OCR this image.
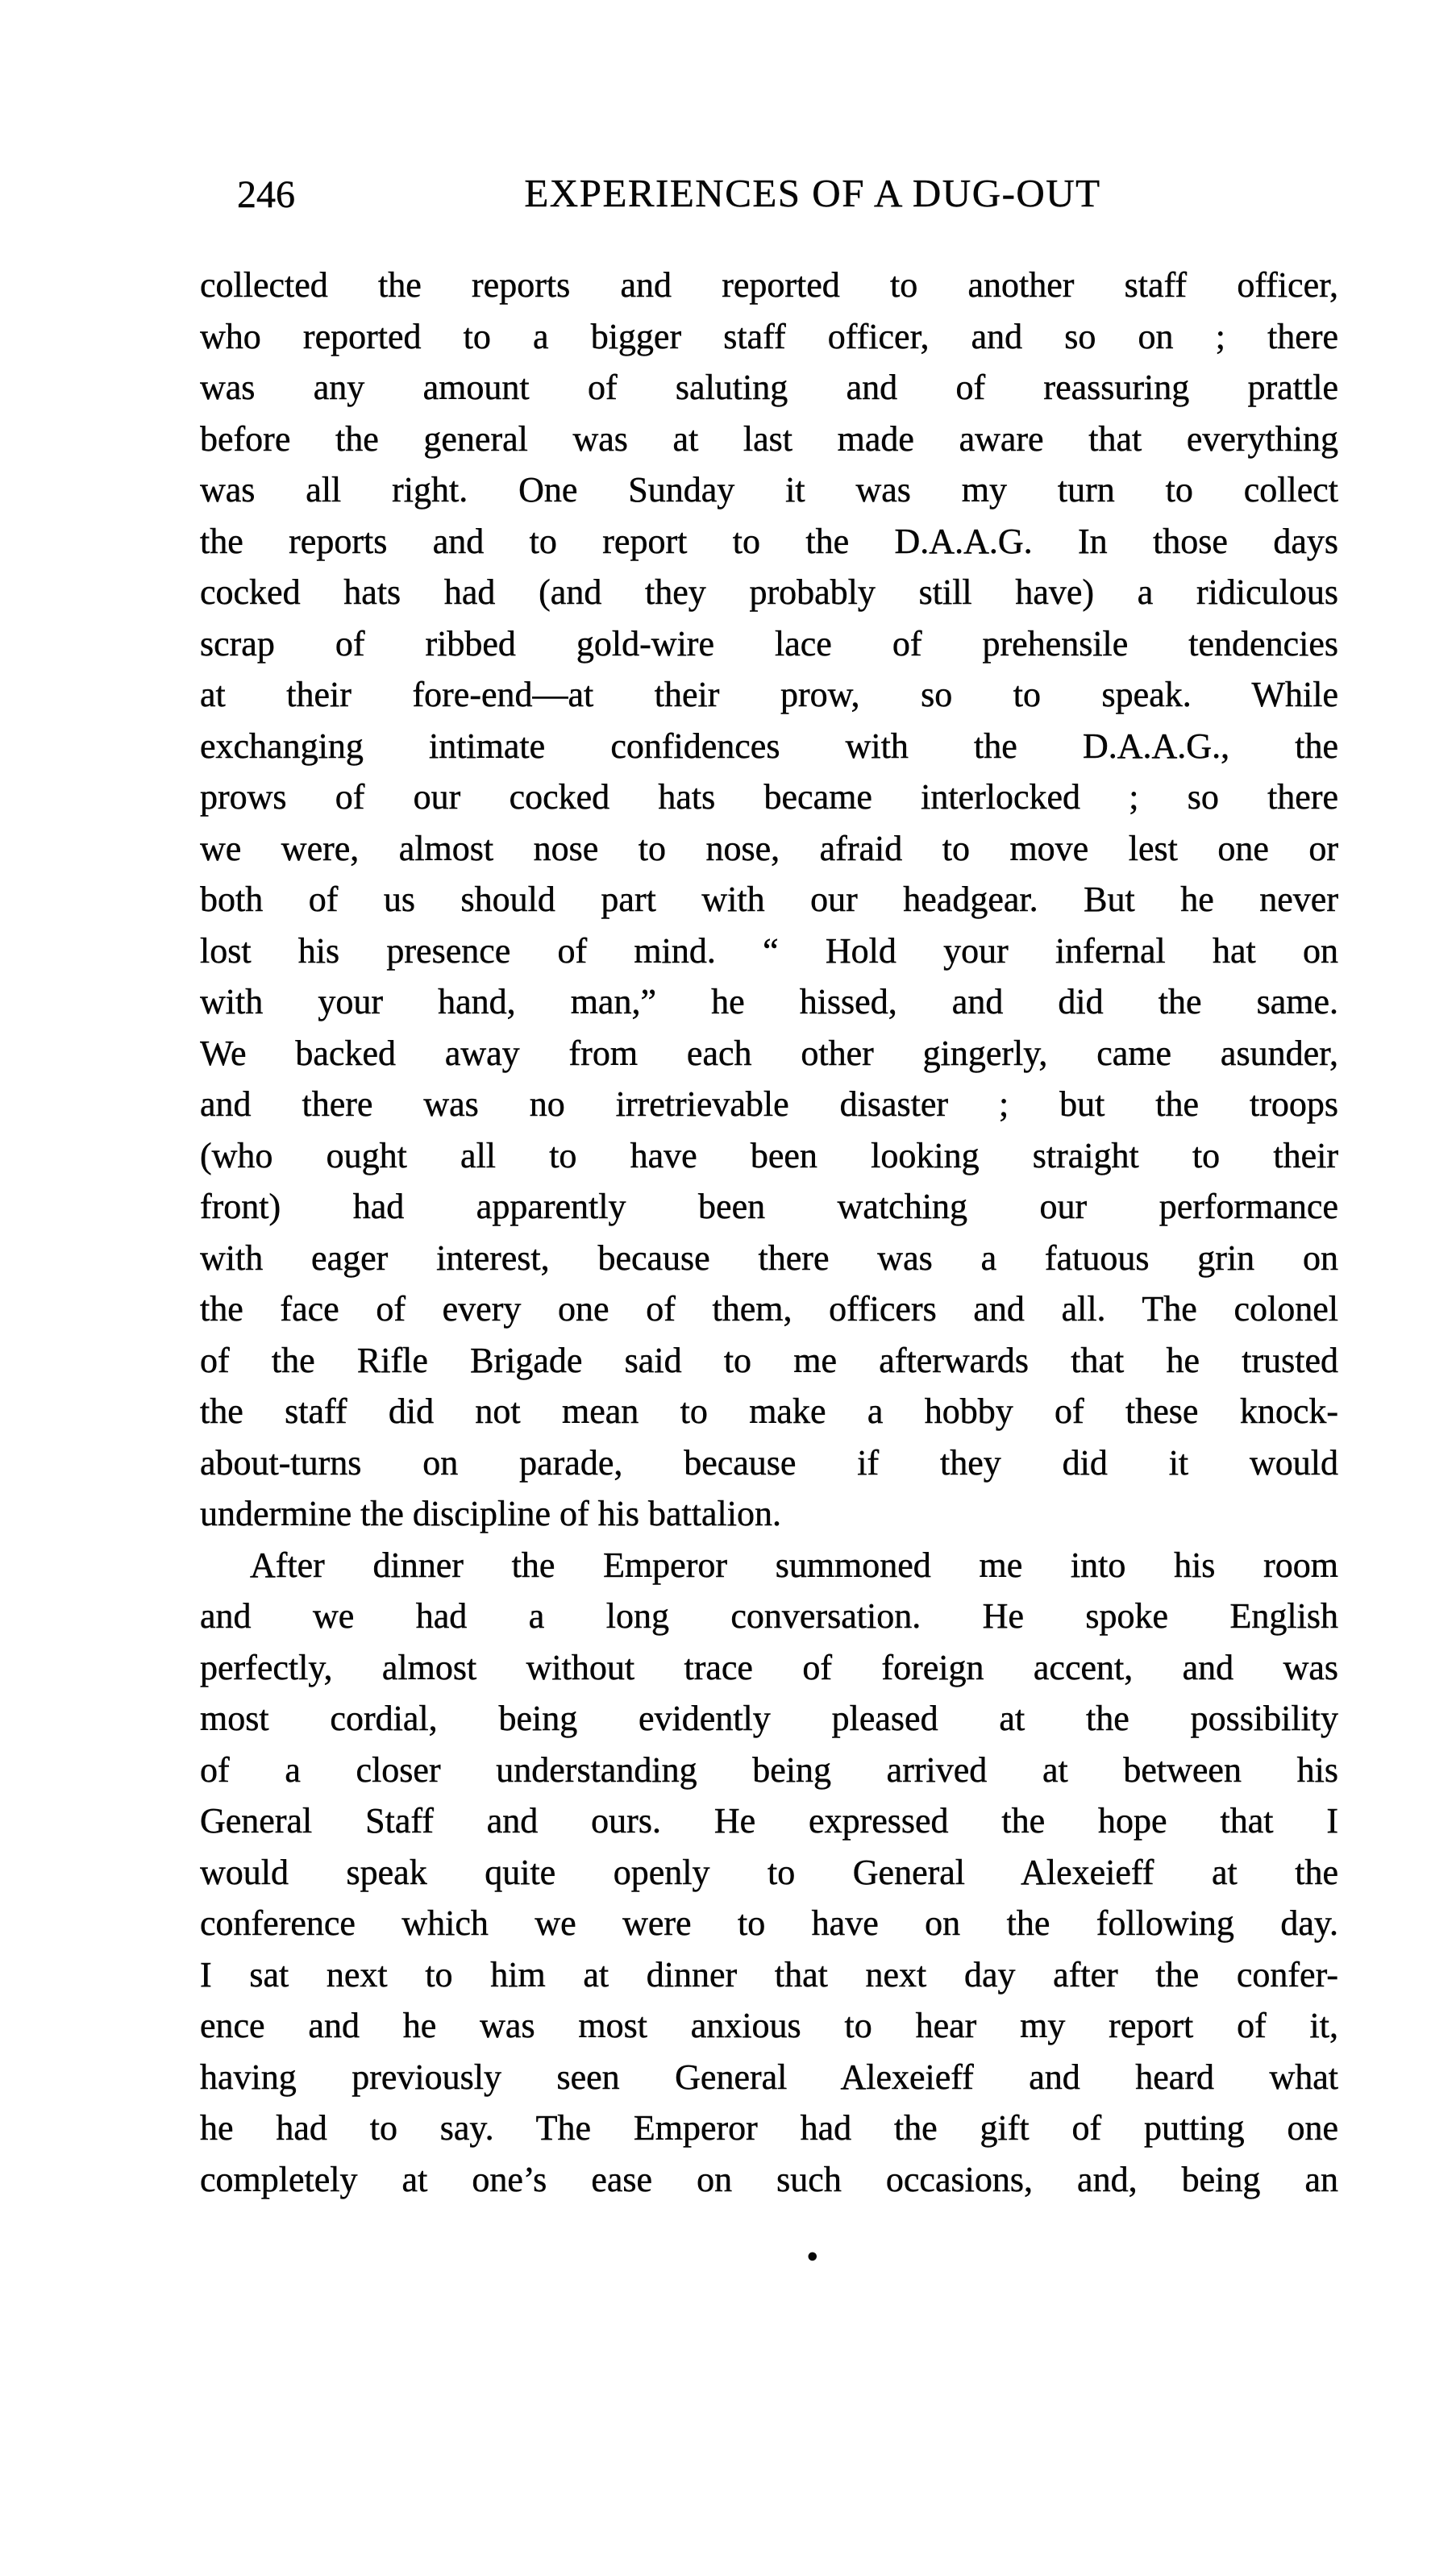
246	EXPERIENCES OF A DUG-OUT
collected the reports and reported to another staff officer,
who reported to a bigger staff officer, and so on ; there
was any amount of saluting and of reassuring prattle
before the general was at last made aware that everything
was all right. One Sunday it was my turn to collect
the reports and to report to the D.A.A.G. In those days
cocked hats had (and they probably still have) a ridiculous
scrap of ribbed gold-wire lace of prehensile tendencies
at their fore-end—at their prow, so to speak. While
exchanging intimate confidences with the D.A.A.G., the
prows of our cocked hats became interlocked ; so there
we were, almost nose to nose, afraid to move lest one or
both of us should part with our headgear. But he never
lost his presence of mind. “ Hold your infernal hat on
with your hand, man,” he hissed, and did the same.
We backed away from each other gingerly, came asunder,
and there was no irretrievable disaster ; but the troops
(who ought all to have been looking straight to their
front) had apparently been watching our performance
with eager interest, because there was a fatuous grin on
the face of every one of them, officers and all. The colonel
of the Rifle Brigade said to me afterwards that he trusted
the staff did not mean to make a hobby of these knock-
about-turns on parade, because if they did it would
undermine the discipline of his battalion.
After dinner the Emperor summoned me into his room
and we had a long conversation. He spoke English
perfectly, almost without trace of foreign accent, and was
most cordial, being evidently pleased at the possibility
of a closer understanding being arrived at between his
General Staff and ours. He expressed the hope that I
would speak quite openly to General Alexeieff at the
conference which we were to have on the following day.
I sat next to him at dinner that next day after the confer-
ence and he was most anxious to hear my report of it,
having previously seen General Alexeieff and heard what
he had to say. The Emperor had the gift of putting one
completely at one’s ease on such occasions, and, being an
.
